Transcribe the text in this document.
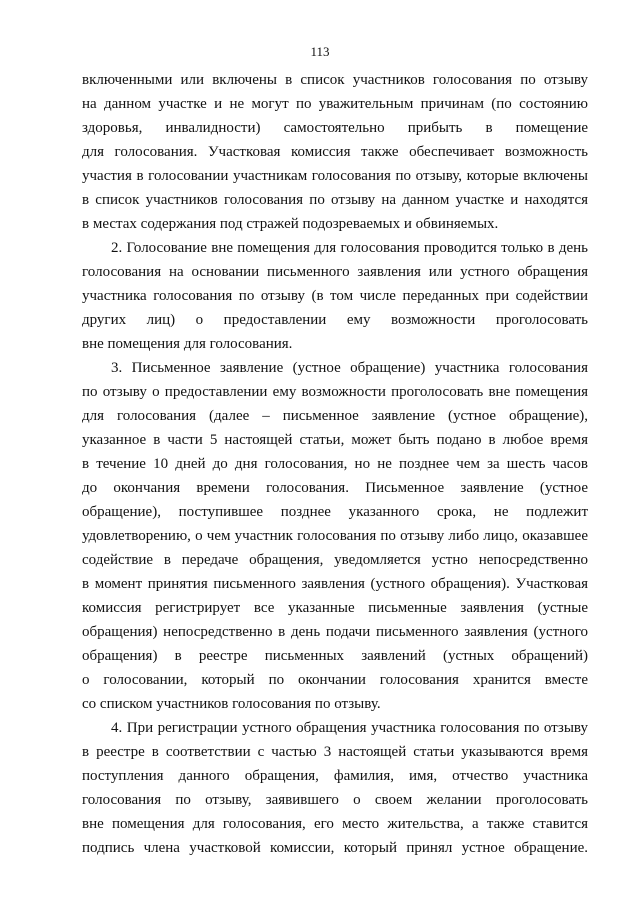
113
включенными или включены в список участников голосования по отзыву
на данном участке и не могут по уважительным причинам (по состоянию
здоровья, инвалидности) самостоятельно прибыть в помещение
для голосования. Участковая комиссия также обеспечивает возможность
участия в голосовании участникам голосования по отзыву, которые включены
в список участников голосования по отзыву на данном участке и находятся
в местах содержания под стражей подозреваемых и обвиняемых.
2. Голосование вне помещения для голосования проводится только в день
голосования на основании письменного заявления или устного обращения
участника голосования по отзыву (в том числе переданных при содействии
других лиц) о предоставлении ему возможности проголосовать
вне помещения для голосования.
3. Письменное заявление (устное обращение) участника голосования
по отзыву о предоставлении ему возможности проголосовать вне помещения
для голосования (далее – письменное заявление (устное обращение),
указанное в части 5 настоящей статьи, может быть подано в любое время
в течение 10 дней до дня голосования, но не позднее чем за шесть часов
до окончания времени голосования. Письменное заявление (устное
обращение), поступившее позднее указанного срока, не подлежит
удовлетворению, о чем участник голосования по отзыву либо лицо, оказавшее
содействие в передаче обращения, уведомляется устно непосредственно
в момент принятия письменного заявления (устного обращения). Участковая
комиссия регистрирует все указанные письменные заявления (устные
обращения) непосредственно в день подачи письменного заявления (устного
обращения) в реестре письменных заявлений (устных обращений)
о голосовании, который по окончании голосования хранится вместе
со списком участников голосования по отзыву.
4. При регистрации устного обращения участника голосования по отзыву
в реестре в соответствии с частью 3 настоящей статьи указываются время
поступления данного обращения, фамилия, имя, отчество участника
голосования по отзыву, заявившего о своем желании проголосовать
вне помещения для голосования, его место жительства, а также ставится
подпись члена участковой комиссии, который принял устное обращение.
